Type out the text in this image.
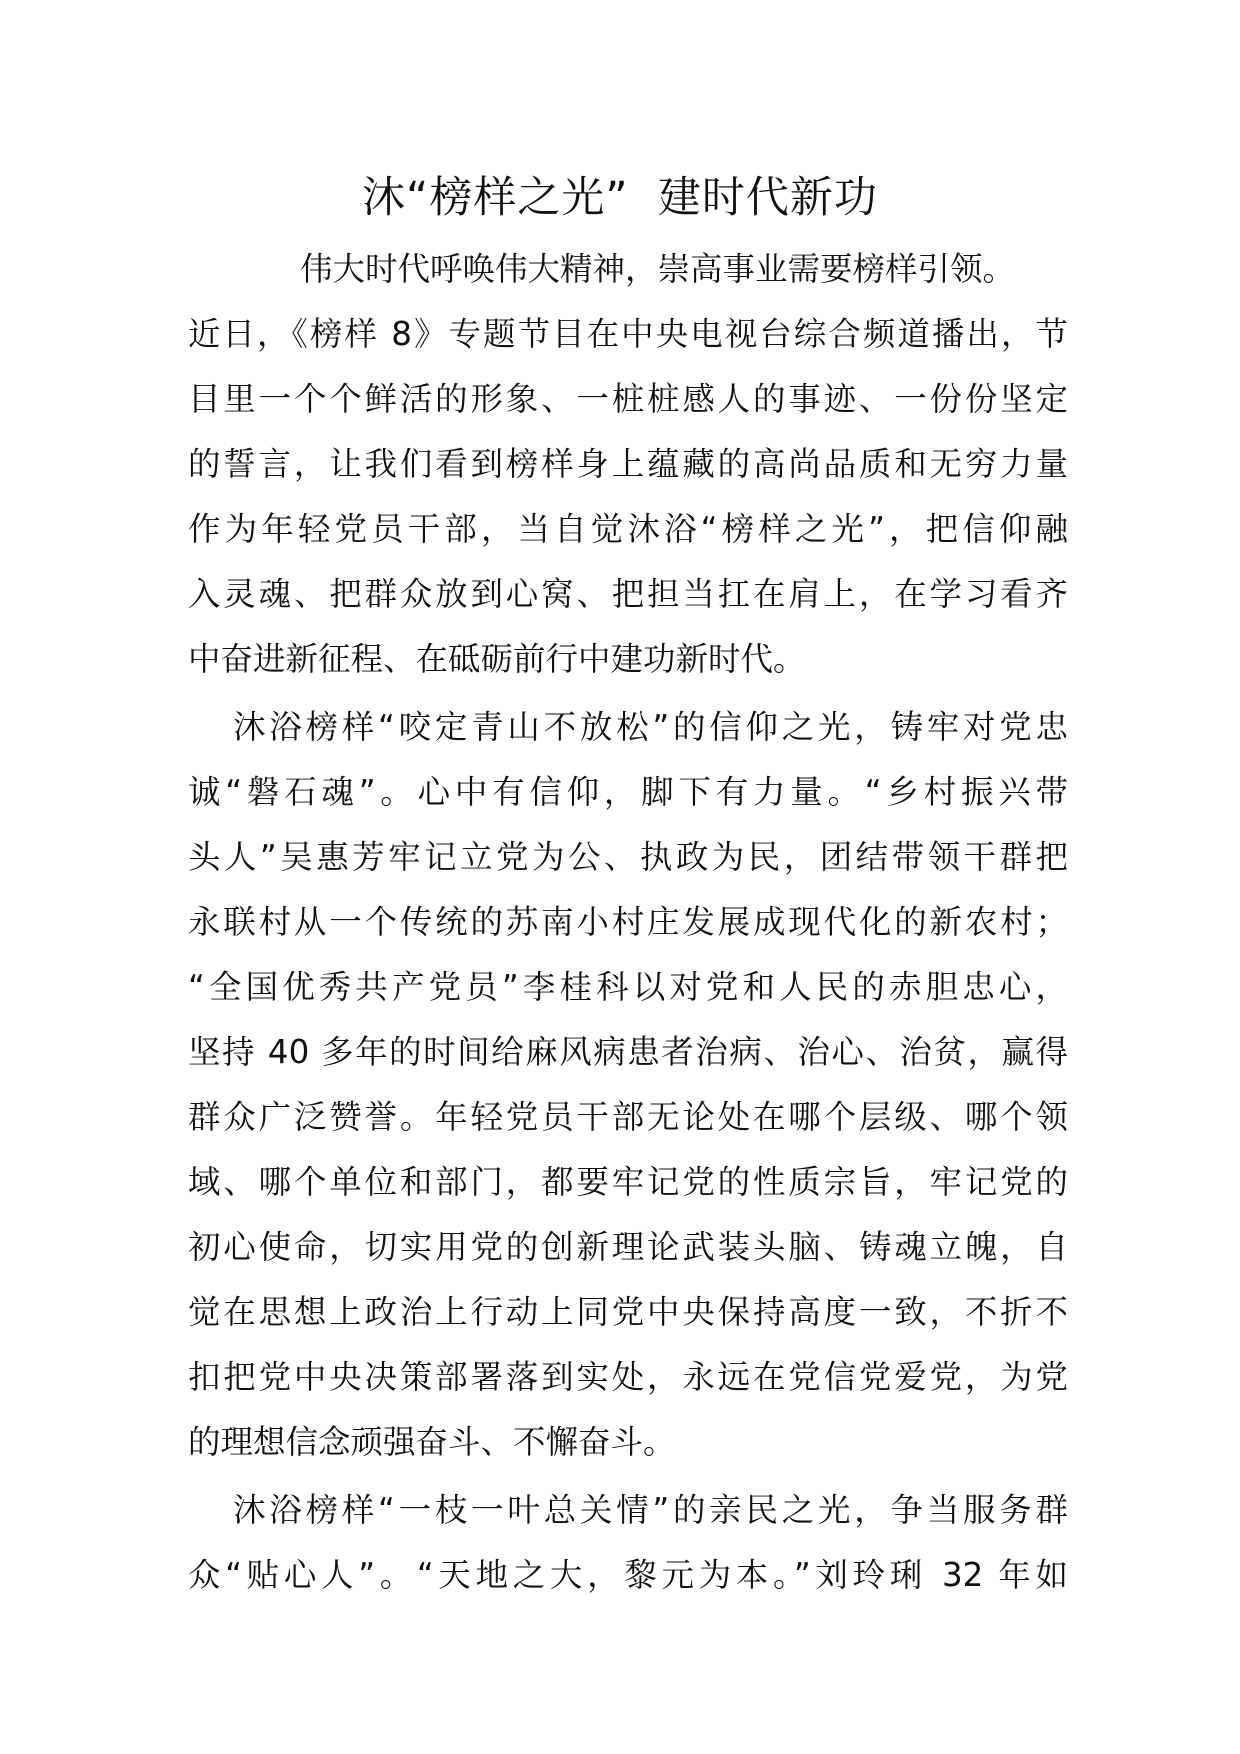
沐“榜样之光”  建时代新功
伟大时代呼唤伟大精神，崇高事业需要榜样引领。
近日，《榜样 8》专题节目在中央电视台综合频道播出，节
目里一个个鲜活的形象、一桩桩感人的事迹、一份份坚定
的誓言，让我们看到榜样身上蕴藏的高尚品质和无穷力量
作为年轻党员干部，当自觉沐浴“榜样之光”，把信仰融
入灵魂、把群众放到心窝、把担当扛在肩上，在学习看齐
中奋进新征程、在砥砺前行中建功新时代。
沐浴榜样“咬定青山不放松”的信仰之光，铸牢对党忠
诚“磐石魂”。心中有信仰，脚下有力量。“乡村振兴带
头人”吴惠芳牢记立党为公、执政为民，团结带领干群把
永联村从一个传统的苏南小村庄发展成现代化的新农村；
“全国优秀共产党员”李桂科以对党和人民的赤胆忠心，
坚持 40 多年的时间给麻风病患者治病、治心、治贫，赢得
群众广泛赞誉。年轻党员干部无论处在哪个层级、哪个领
域、哪个单位和部门，都要牢记党的性质宗旨，牢记党的
初心使命，切实用党的创新理论武装头脑、铸魂立魄，自
觉在思想上政治上行动上同党中央保持高度一致，不折不
扣把党中央决策部署落到实处，永远在党信党爱党，为党
的理想信念顽强奋斗、不懈奋斗。
沐浴榜样“一枝一叶总关情”的亲民之光，争当服务群
众“贴心人”。“天地之大，黎元为本。”刘玲琍 32 年如
